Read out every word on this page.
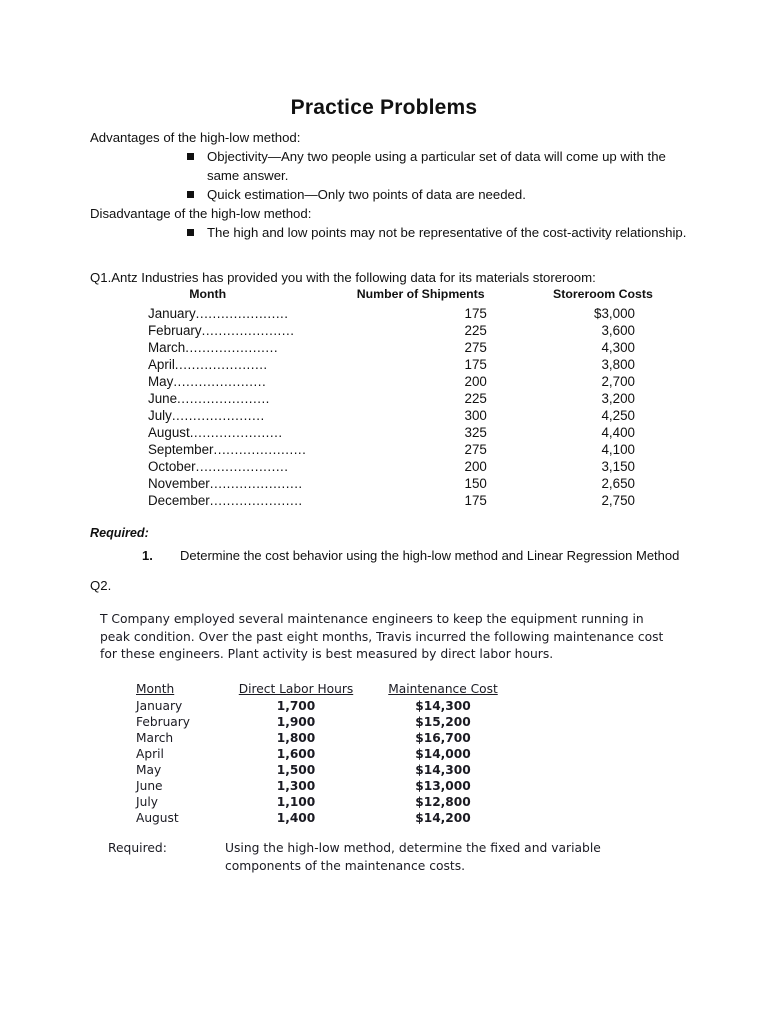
Practice Problems

Advantages of the high-low method:

Objectivity—Any two people using a particular set of data will come up with the same answer.
Quick estimation—Only two points of data are needed.

Disadvantage of the high-low method:

The high and low points may not be representative of the cost-activity relationship.
Q1.Antz Industries has provided you with the following data for its materials storeroom:
Month	Number of Shipments	Storeroom Costs
January......................	175	$3,000
February......................	225	3,600
March......................	275	4,300
April......................	175	3,800
May......................	200	2,700
June......................	225	3,200
July......................	300	4,250
August......................	325	4,400
September......................	275	4,100
October......................	200	3,150
November......................	150	2,650
December......................	175	2,750
Required:
1. Determine the cost behavior using the high-low method and Linear Regression Method
Q2.
T Company employed several maintenance engineers to keep the equipment running in peak condition. Over the past eight months, Travis incurred the following maintenance cost for these engineers. Plant activity is best measured by direct labor hours.
Month	Direct Labor Hours	Maintenance Cost
January	1,700	$14,300
February	1,900	$15,200
March	1,800	$16,700
April	1,600	$14,000
May	1,500	$14,300
June	1,300	$13,000
July	1,100	$12,800
August	1,400	$14,200
Required:	Using the high-low method, determine the fixed and variable components of the maintenance costs.
